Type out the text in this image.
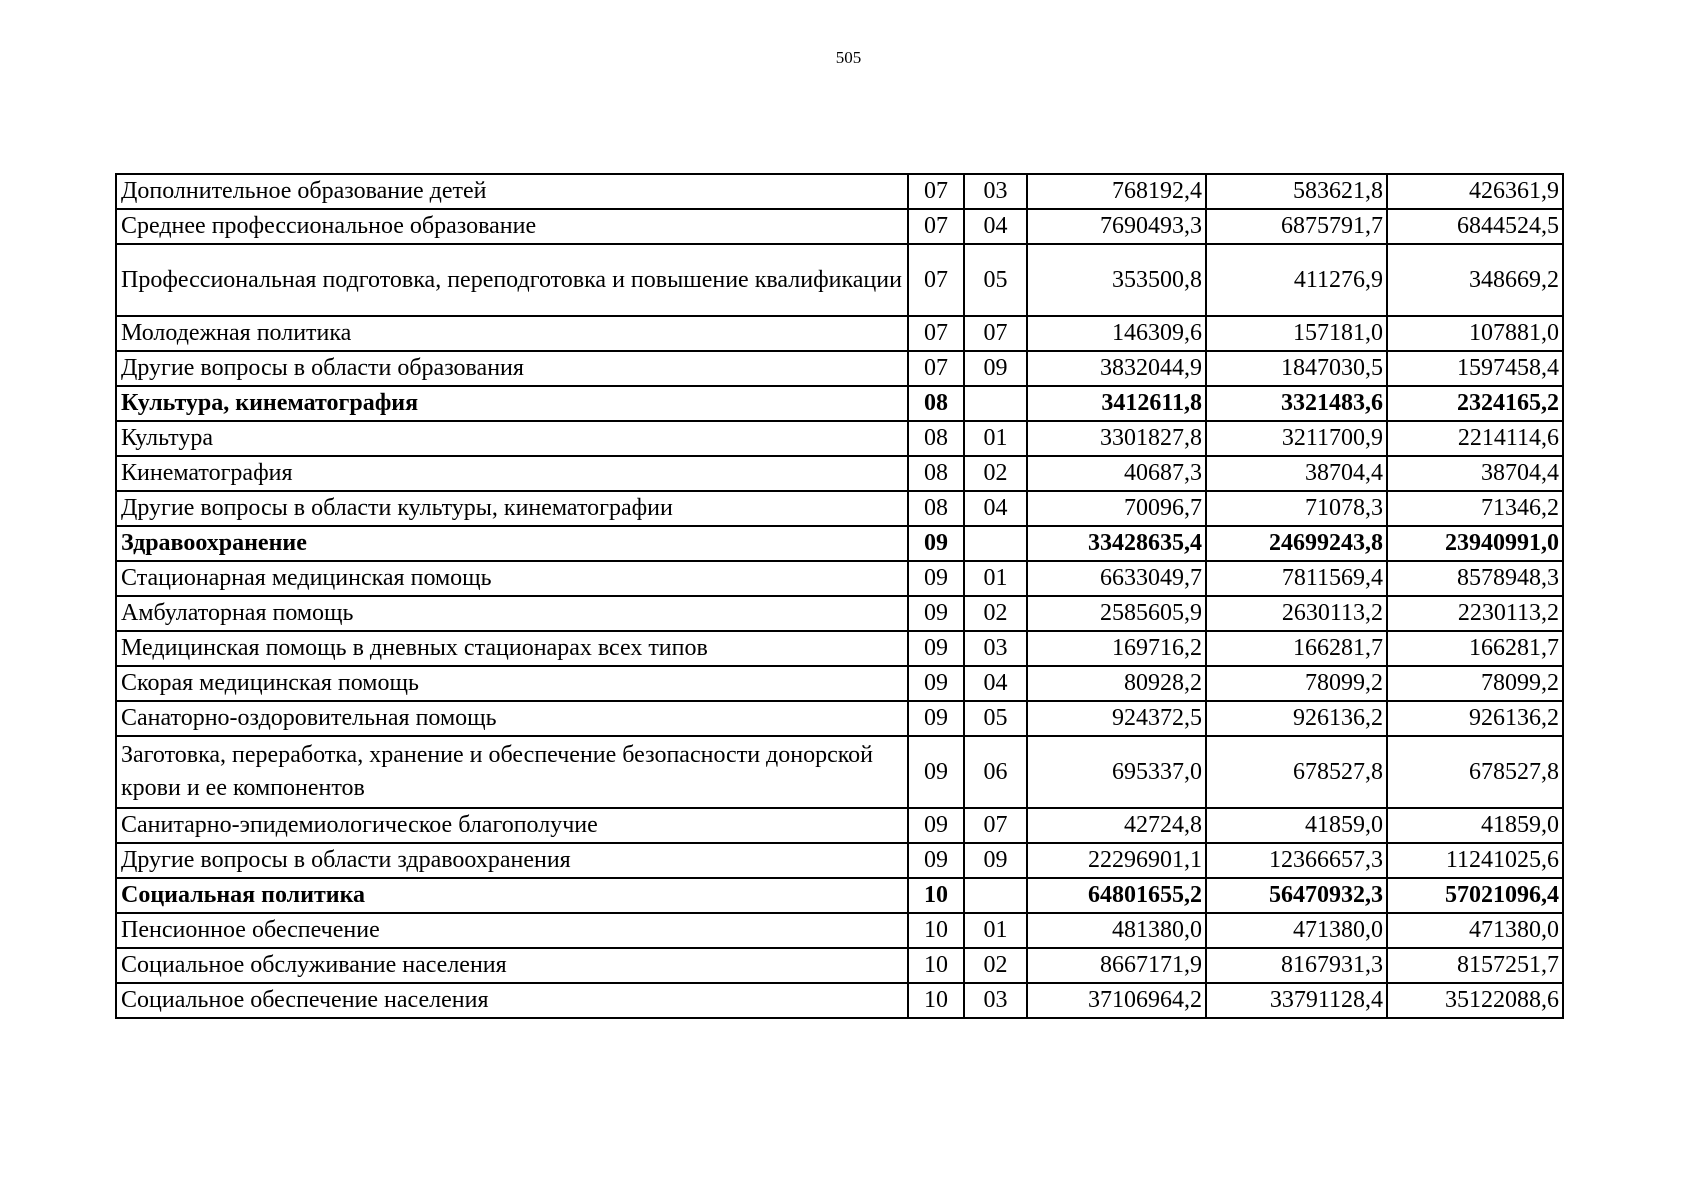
505
Дополнительное образование детей	07	03	768192,4	583621,8	426361,9
Среднее профессиональное образование	07	04	7690493,3	6875791,7	6844524,5
Профессиональная подготовка, переподготовка и повышение квалификации	07	05	353500,8	411276,9	348669,2
Молодежная политика	07	07	146309,6	157181,0	107881,0
Другие вопросы в области образования	07	09	3832044,9	1847030,5	1597458,4
Культура, кинематография	08		3412611,8	3321483,6	2324165,2
Культура	08	01	3301827,8	3211700,9	2214114,6
Кинематография	08	02	40687,3	38704,4	38704,4
Другие вопросы в области культуры, кинематографии	08	04	70096,7	71078,3	71346,2
Здравоохранение	09		33428635,4	24699243,8	23940991,0
Стационарная медицинская помощь	09	01	6633049,7	7811569,4	8578948,3
Амбулаторная помощь	09	02	2585605,9	2630113,2	2230113,2
Медицинская помощь в дневных стационарах всех типов	09	03	169716,2	166281,7	166281,7
Скорая медицинская помощь	09	04	80928,2	78099,2	78099,2
Санаторно-оздоровительная помощь	09	05	924372,5	926136,2	926136,2
Заготовка, переработка, хранение и обеспечение безопасности донорской крови и ее компонентов	09	06	695337,0	678527,8	678527,8
Санитарно-эпидемиологическое благополучие	09	07	42724,8	41859,0	41859,0
Другие вопросы в области здравоохранения	09	09	22296901,1	12366657,3	11241025,6
Социальная политика	10		64801655,2	56470932,3	57021096,4
Пенсионное обеспечение	10	01	481380,0	471380,0	471380,0
Социальное обслуживание населения	10	02	8667171,9	8167931,3	8157251,7
Социальное обеспечение населения	10	03	37106964,2	33791128,4	35122088,6
